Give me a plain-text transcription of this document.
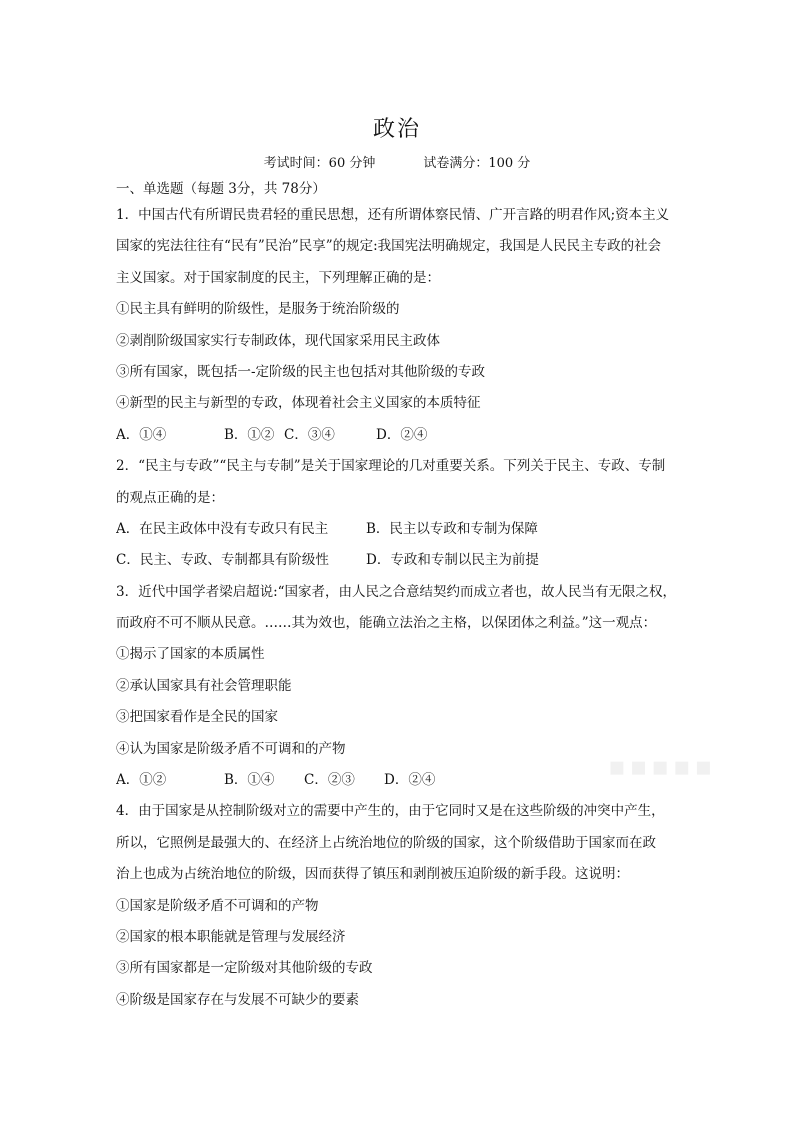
政治
考试时间：60 分钟	试卷满分：100 分
一、单选题（每题 3分，共 78分）
1．中国古代有所谓民贵君轻的重民思想，还有所谓体察民情、广开言路的明君作风;资本主义
国家的宪法往往有“民有”民治”民享”的规定:我国宪法明确规定，我国是人民民主专政的社会
主义国家。对于国家制度的民主，下列理解正确的是：
①民主具有鲜明的阶级性，是服务于统治阶级的
②剥削阶级国家实行专制政体，现代国家采用民主政体
③所有国家，既包括一-定阶级的民主也包括对其他阶级的专政
④新型的民主与新型的专政，体现着社会主义国家的本质特征
A．①④	B．①② C．③④	D．②④
2．“民主与专政”“民主与专制”是关于国家理论的几对重要关系。下列关于民主、专政、专制
的观点正确的是：
A．在民主政体中没有专政只有民主	B．民主以专政和专制为保障
C．民主、专政、专制都具有阶级性	D．专政和专制以民主为前提
3．近代中国学者梁启超说:“国家者，由人民之合意结契约而成立者也，故人民当有无限之权，
而政府不可不顺从民意。……其为效也，能确立法治之主格，以保团体之利益。”这一观点：
①揭示了国家的本质属性
②承认国家具有社会管理职能
③把国家看作是全民的国家
④认为国家是阶级矛盾不可调和的产物
A．①②	B．①④ C．②③ D．②④
4．由于国家是从控制阶级对立的需要中产生的，由于它同时又是在这些阶级的冲突中产生，
所以，它照例是最强大的、在经济上占统治地位的阶级的国家，这个阶级借助于国家而在政
治上也成为占统治地位的阶级，因而获得了镇压和剥削被压迫阶级的新手段。这说明：
①国家是阶级矛盾不可调和的产物
②国家的根本职能就是管理与发展经济
③所有国家都是一定阶级对其他阶级的专政
④阶级是国家存在与发展不可缺少的要素
▪▪▪▪▪
